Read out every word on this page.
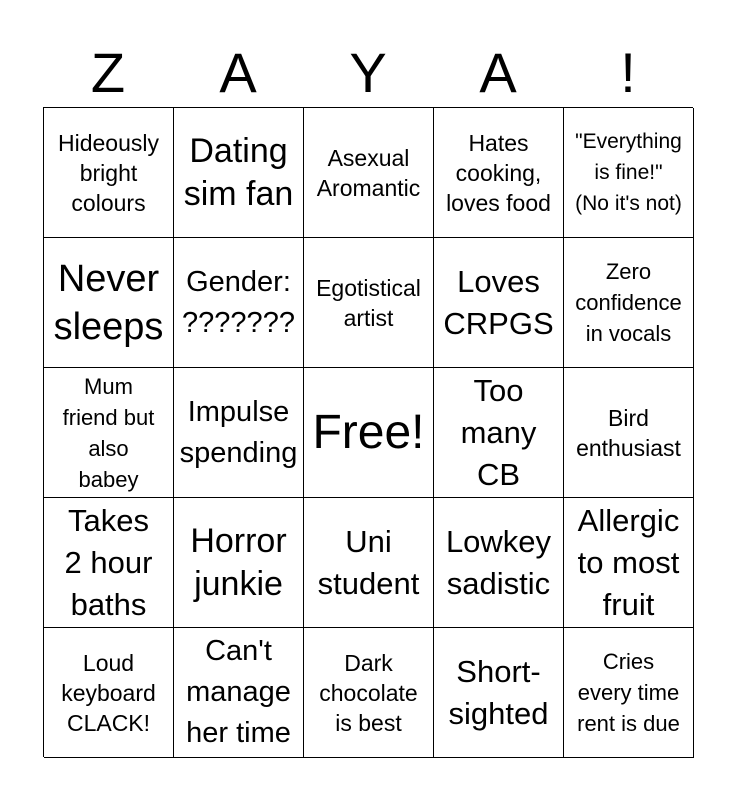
Z	A	Y	A	!
Hideously
bright
colours
Dating
sim fan
Asexual
Aromantic
Hates
cooking,
loves food
"Everything
is fine!"
(No it's not)
Never
sleeps
Gender:
???????
Egotistical
artist
Loves
CRPGS
Zero
confidence
in vocals
Mum
friend but
also
babey
Impulse
spending Free!
Too
many
CB
Bird
enthusiast
Takes
2 hour
baths
Horror
junkie
Uni
student
Lowkey
sadistic
Allergic
to most
fruit
Loud
keyboard
CLACK!
Can't
manage
her time
Dark
chocolate
is best
Short-
sighted
Cries
every time
rent is due
